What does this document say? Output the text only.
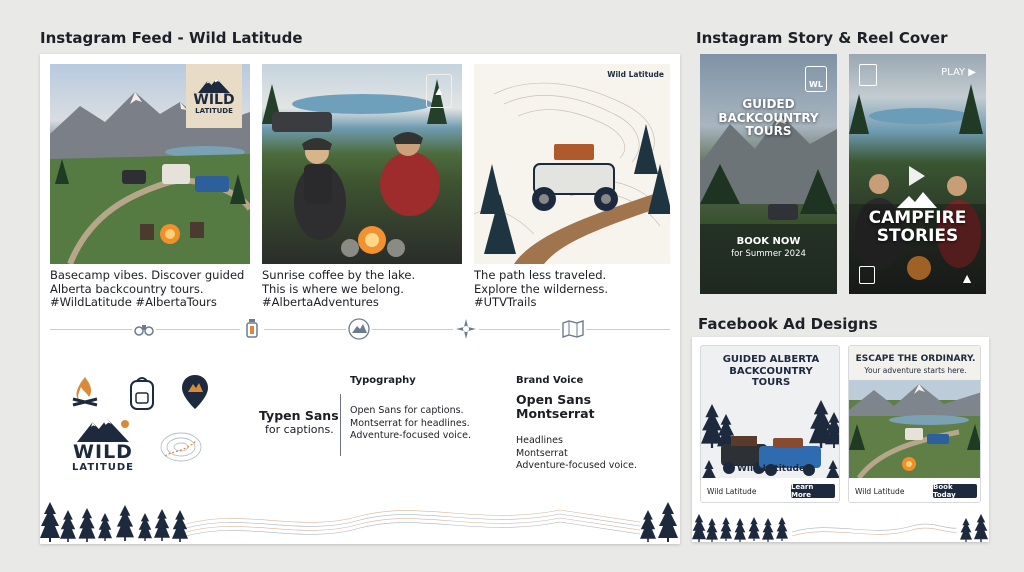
Instagram Feed - Wild Latitude
WILD
LATITUDE
▲
Wild Latitude
Basecamp vibes. Discover guided
Alberta backcountry tours.
#WildLatitude #AlbertaTours
Sunrise coffee by the lake.
This is where we belong.
#AlbertaAdventures
The path less traveled.
Explore the wilderness.
#UTVTrails
WILD
LATITUDE
Typen Sans
for captions.
Typography
Open Sans for captions.
Montserrat for headlines.
Adventure-focused voice.
Brand Voice
Open Sans
Montserrat
Headlines
Montserrat
Adventure-focused voice.
Instagram Story & Reel Cover
WL
GUIDED
BACKCOUNTRY
TOURS
BOOK NOW
for Summer 2024
PLAY ▶
CAMPFIRE
STORIES
▲
Facebook Ad Designs
GUIDED ALBERTA
BACKCOUNTRY
TOURS
Wild Latitude
Wild Latitude	Learn More
ESCAPE THE ORDINARY.
Your adventure starts here.
Wild Latitude	Book Today
